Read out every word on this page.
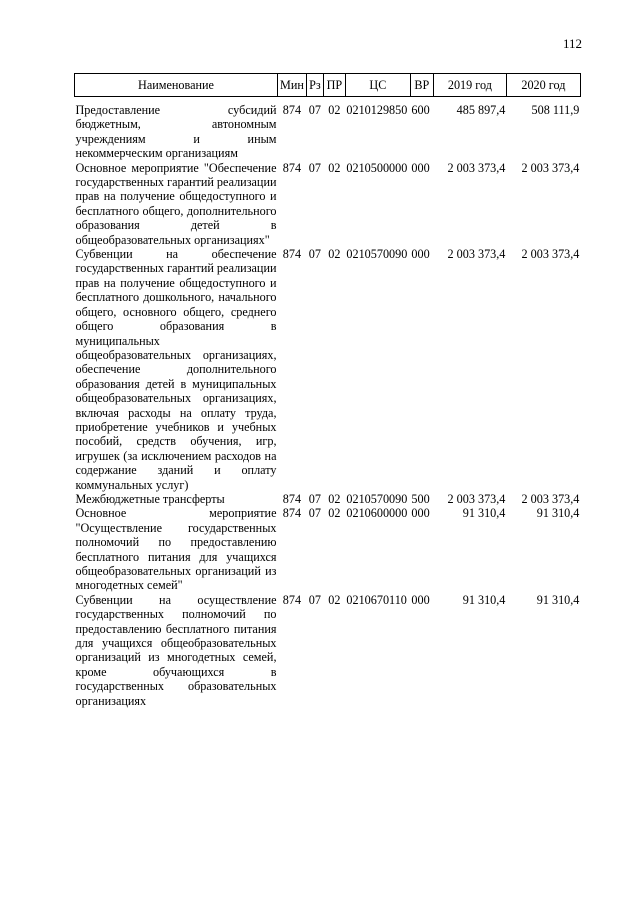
112
Наименование	Мин	Рз	ПР	ЦС	ВР	2019 год	2020 год
Предоставление субсидий бюджетным, автономным учреждениям и иным некоммерческим организациям	874	07	02	0210129850	600	485 897,4	508 111,9
Основное мероприятие "Обеспечение государственных гарантий реализации прав на получение общедоступного и бесплатного общего, дополнительного образования детей в общеобразовательных организациях"	874	07	02	0210500000	000	2 003 373,4	2 003 373,4
Субвенции на обеспечение государственных гарантий реализации прав на получение общедоступного и бесплатного дошкольного, начального общего, основного общего, среднего общего образования в муниципальных общеобразовательных организациях, обеспечение дополнительного образования детей в муниципальных общеобразовательных организациях, включая расходы на оплату труда, приобретение учебников и учебных пособий, средств обучения, игр, игрушек (за исключением расходов на содержание зданий и оплату коммунальных услуг)	874	07	02	0210570090	000	2 003 373,4	2 003 373,4
Межбюджетные трансферты	874	07	02	0210570090	500	2 003 373,4	2 003 373,4
Основное мероприятие "Осуществление государственных полномочий по предоставлению бесплатного питания для учащихся общеобразовательных организаций из многодетных семей"	874	07	02	0210600000	000	91 310,4	91 310,4
Субвенции на осуществление государственных полномочий по предоставлению бесплатного питания для учащихся общеобразовательных организаций из многодетных семей, кроме обучающихся в государственных образовательных организациях	874	07	02	0210670110	000	91 310,4	91 310,4
